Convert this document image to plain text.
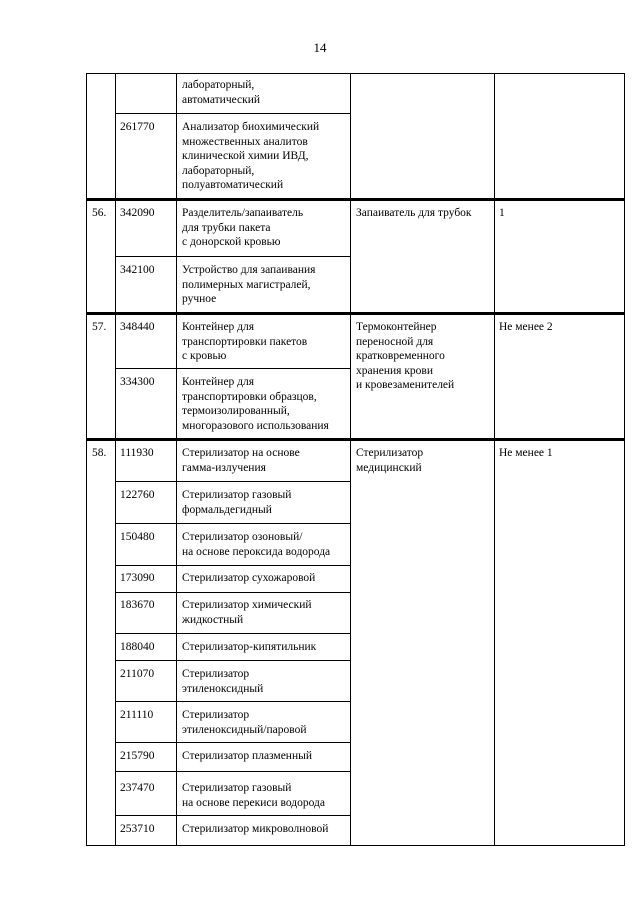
14
лабораторный,
автоматический
261770 Анализатор биохимический
множественных аналитов
клинической химии ИВД,
лабораторный,
полуавтоматический
56. 342090 Разделитель/запаиватель
для трубки пакета
с донорской кровью
Запаиватель для трубок	1
342100 Устройство для запаивания
полимерных магистралей,
ручное
57. 348440 Контейнер для
транспортировки пакетов
с кровью
Термоконтейнер
переносной для
кратковременного
хранения крови
и кровезаменителей
Не менее 2
334300 Контейнер для
транспортировки образцов,
термоизолированный,
многоразового использования
58. 111930 Стерилизатор на основе
гамма-излучения
Стерилизатор
медицинский
Не менее 1
122760 Стерилизатор газовый
формальдегидный
150480 Стерилизатор озоновый/
на основе пероксида водорода
173090 Стерилизатор сухожаровой
183670 Стерилизатор химический
жидкостный
188040 Стерилизатор-кипятильник
211070 Стерилизатор
этиленоксидный
211110	Стерилизатор
этиленоксидный/паровой
215790 Стерилизатор плазменный
237470 Стерилизатор газовый
на основе перекиси водорода
253710 Стерилизатор микроволновой
